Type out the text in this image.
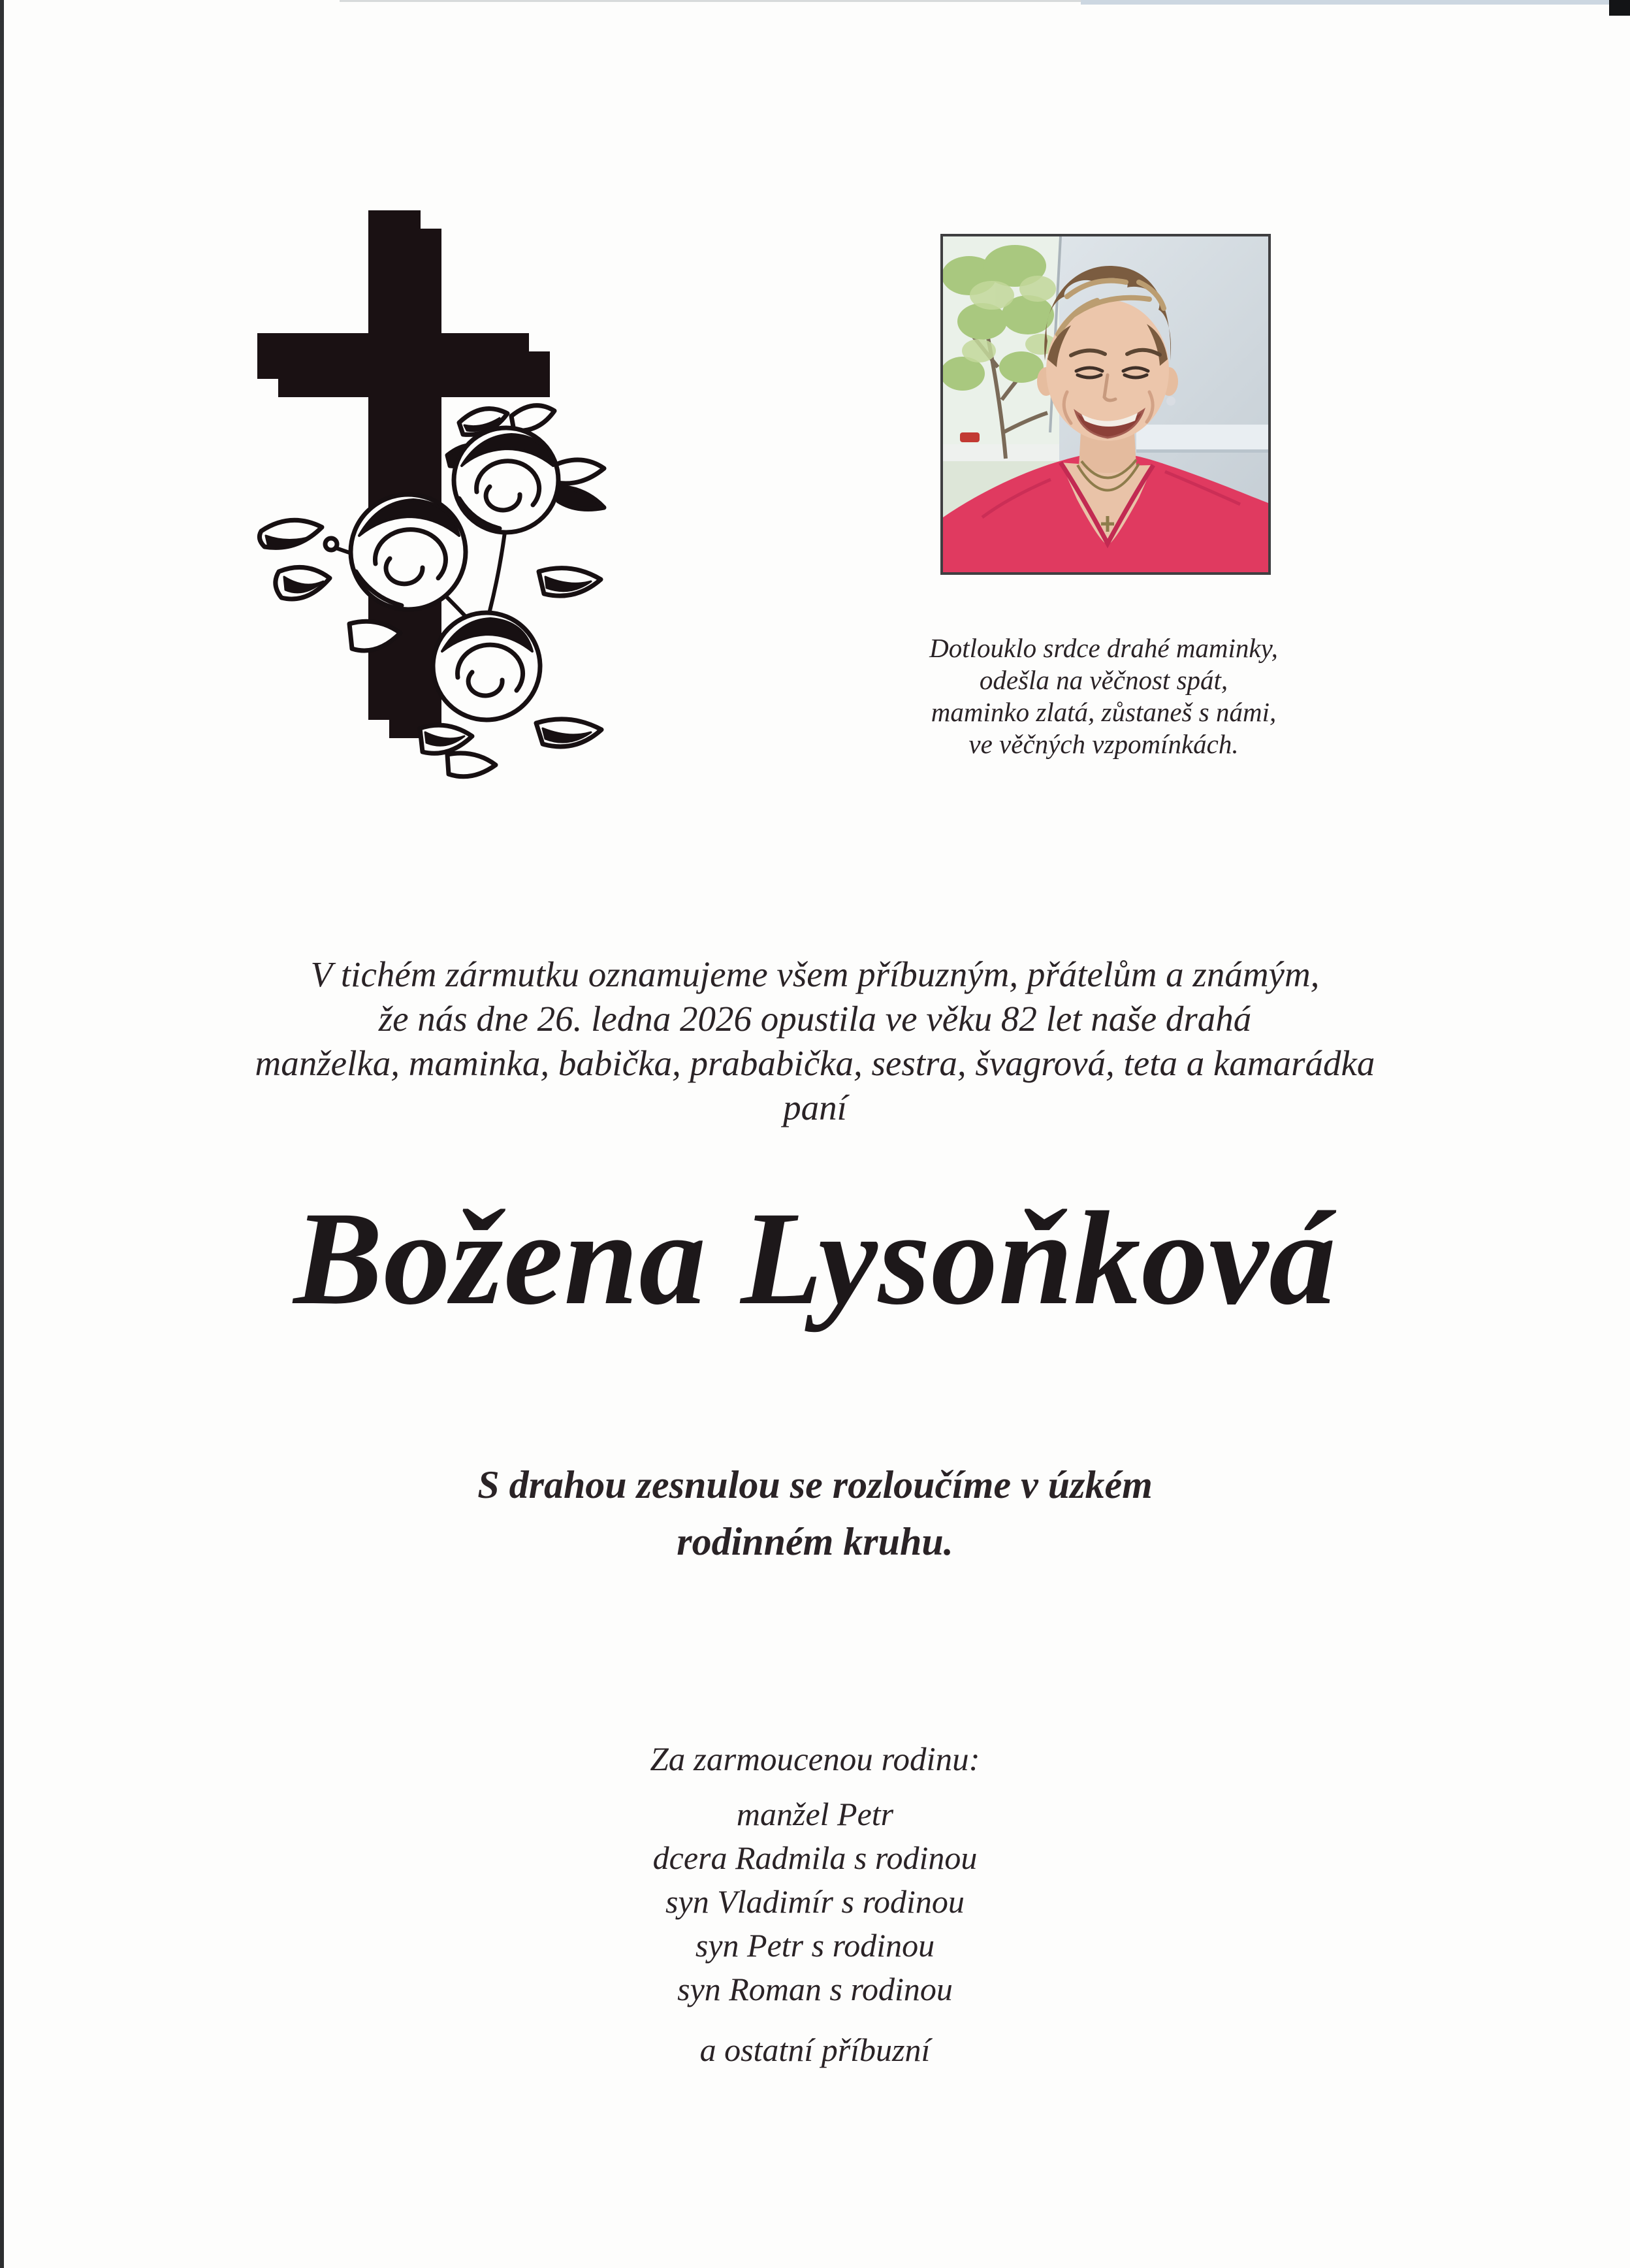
Dotlouklo srdce drahé maminky,
odešla na věčnost spát,
maminko zlatá, zůstaneš s námi,
ve věčných vzpomínkách.
V tichém zármutku oznamujeme všem příbuzným, přátelům a známým,
že nás dne 26. ledna 2026 opustila ve věku 82 let naše drahá
manželka, maminka, babička, prababička, sestra, švagrová, teta a kamarádka
paní
Božena Lysoňková
S drahou zesnulou se rozloučíme v úzkém
rodinném kruhu.
Za zarmoucenou rodinu:
manžel Petr
dcera Radmila s rodinou
syn Vladimír s rodinou
syn Petr s rodinou
syn Roman s rodinou
a ostatní příbuzní
